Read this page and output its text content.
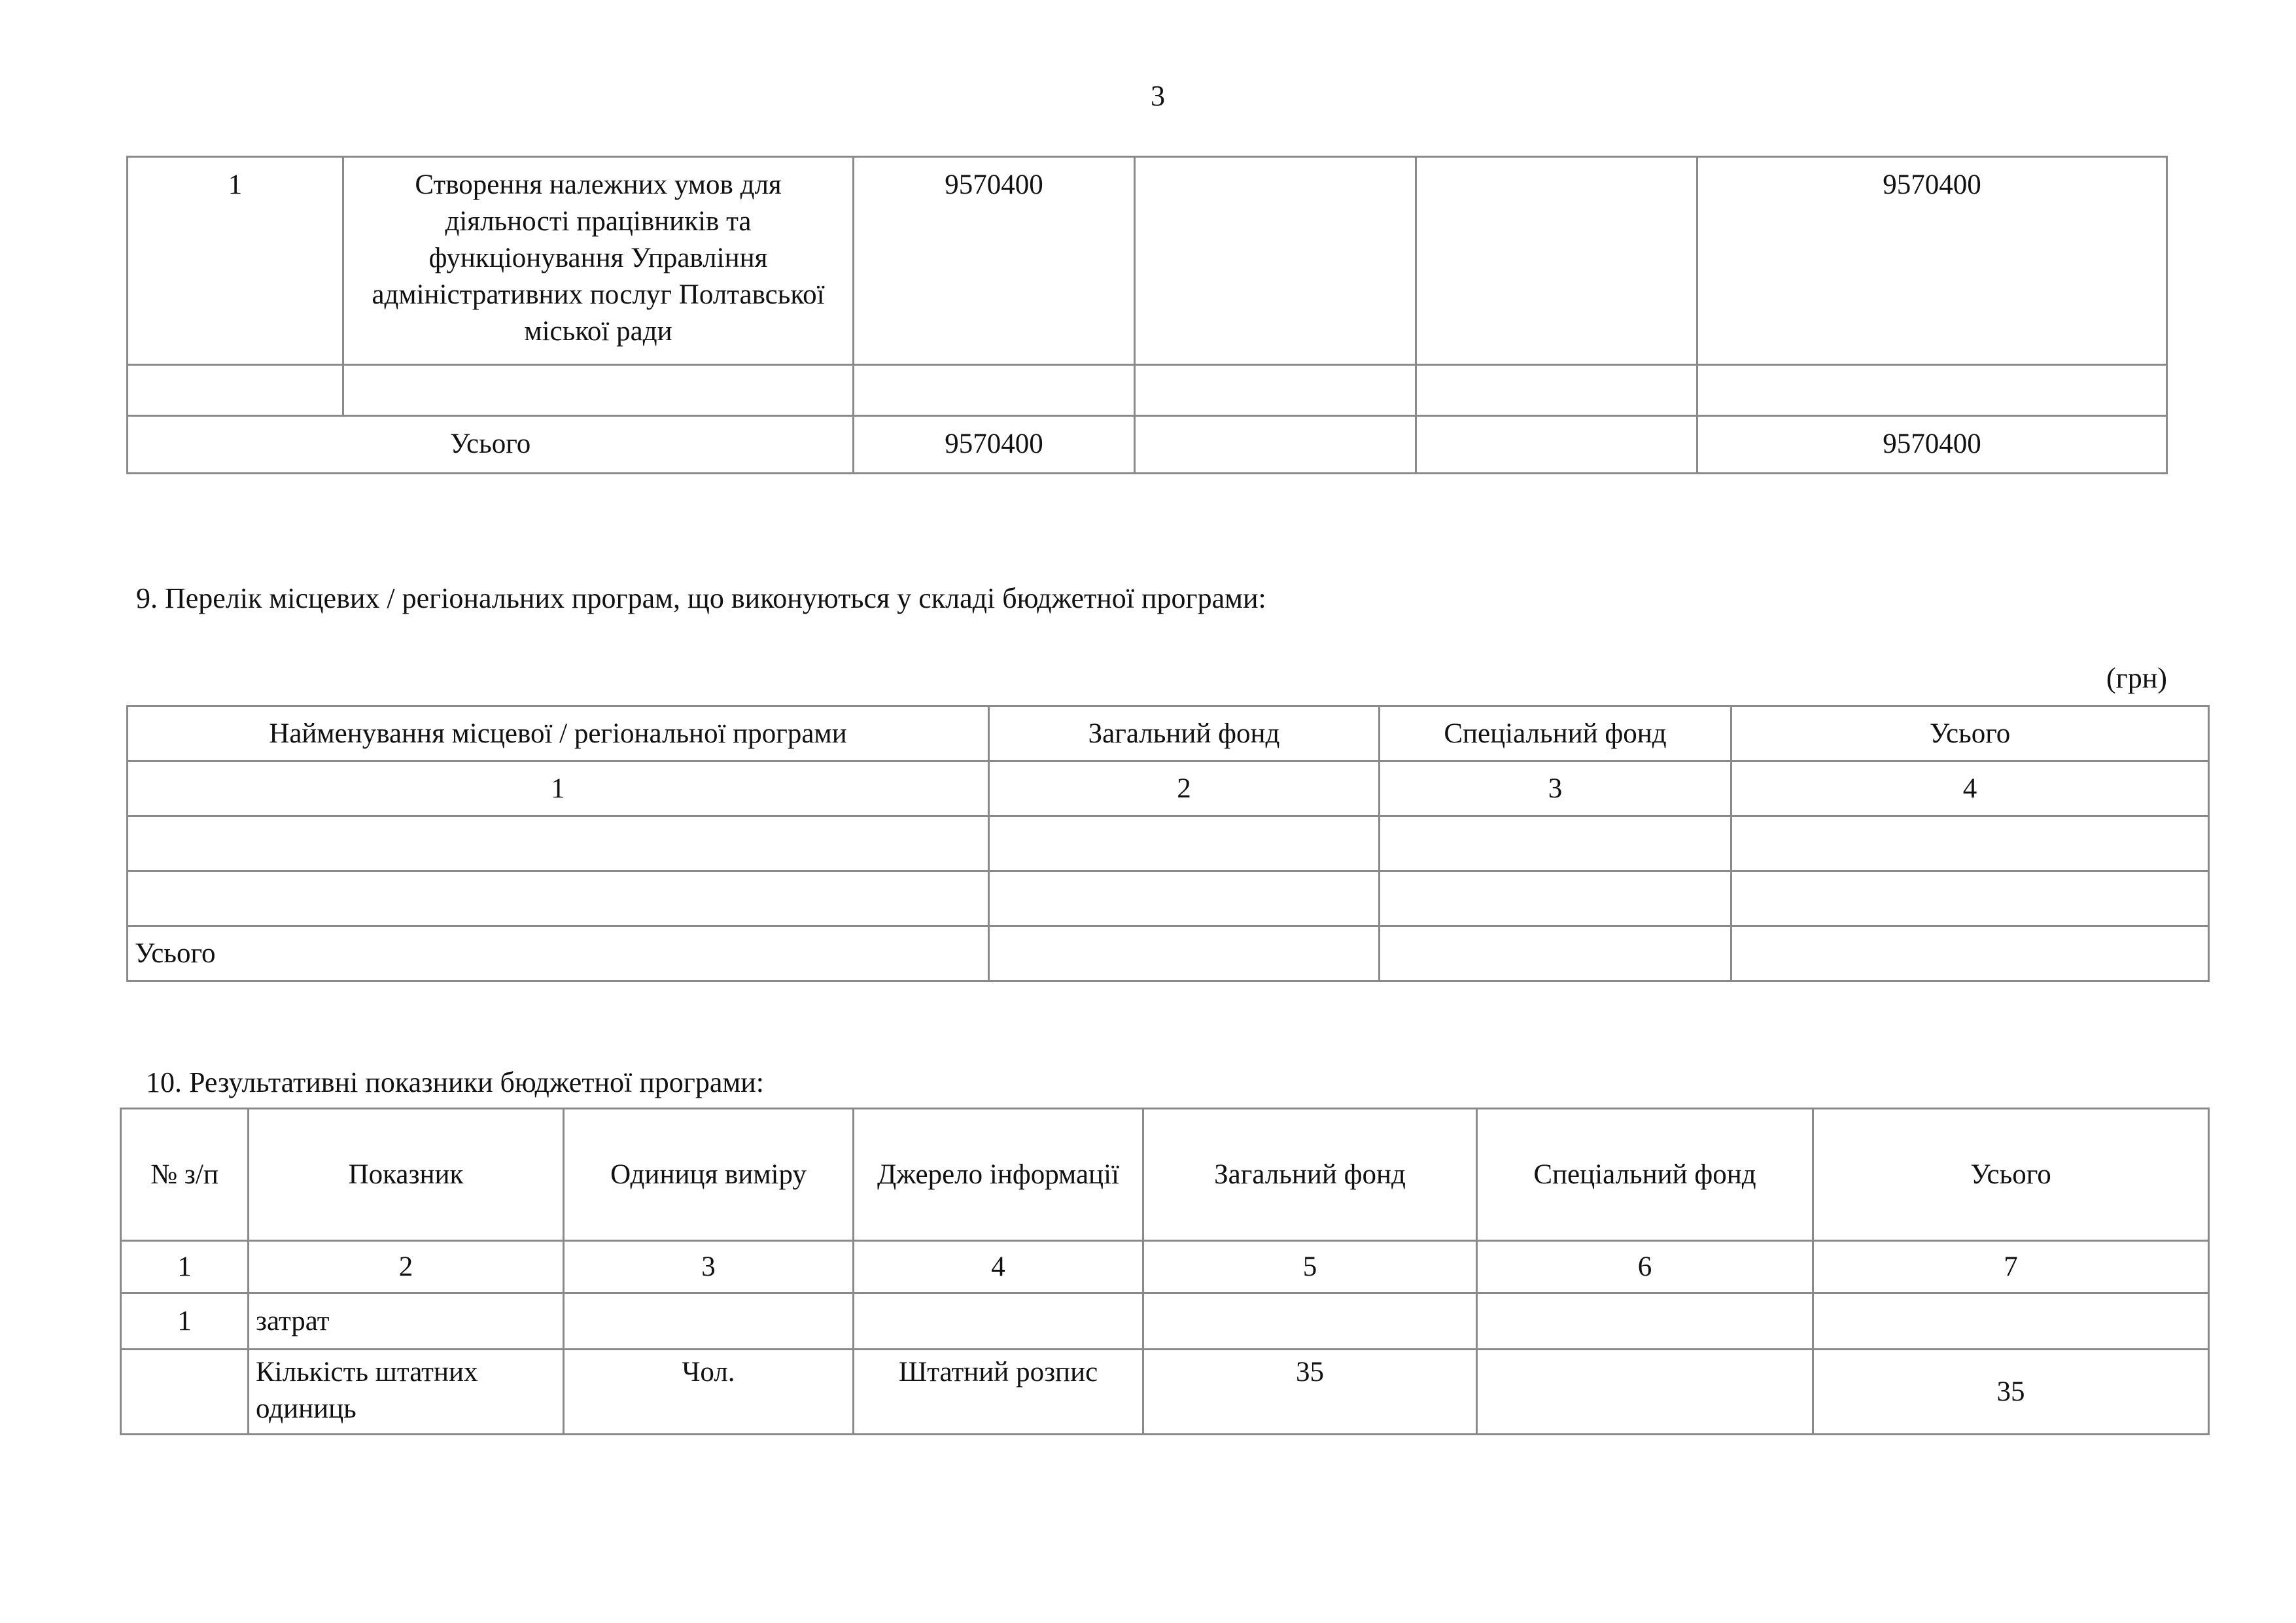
3
1	Створення належних умов для діяльності працівників та функціонування Управління адміністративних послуг Полтавської міської ради	9570400			9570400

Усього		9570400			9570400
9. Перелік місцевих / регіональних програм, що виконуються у складі бюджетної програми:
(грн)
Найменування місцевої / регіональної програми	Загальний фонд	Спеціальний фонд	Усього
1	2	3	4

Усього			
10. Результативні показники бюджетної програми:
№ з/п	Показник	Одиниця виміру	Джерело інформації	Загальний фонд	Спеціальний фонд	Усього
1	2	3	4	5	6	7
1	затрат					
	Кількість штатних одиниць	Чол.	Штатний розпис	35		35
